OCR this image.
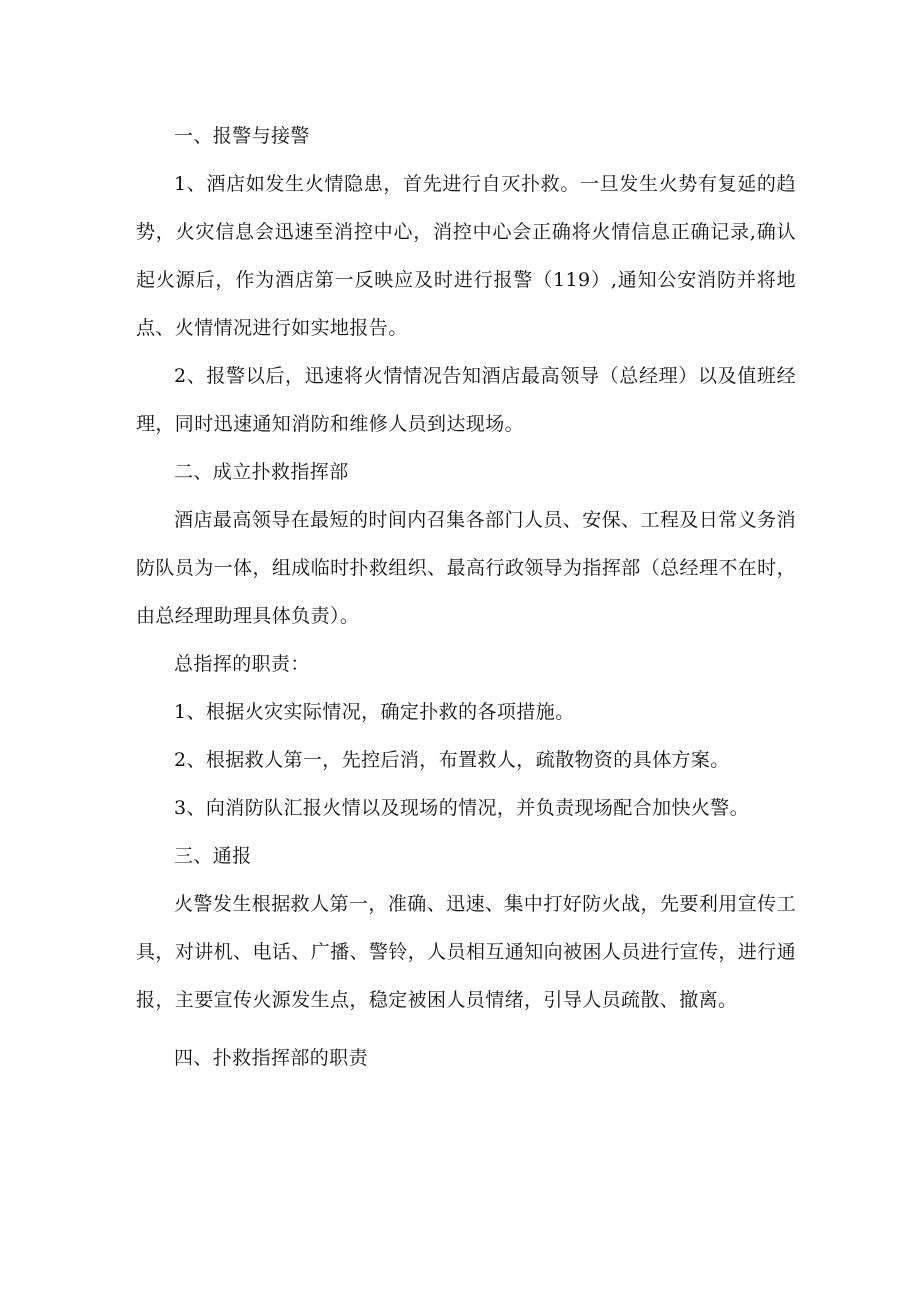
一、报警与接警

1、酒店如发生火情隐患，首先进行自灭扑救。一旦发生火势有复延的趋势，火灾信息会迅速至消控中心，消控中心会正确将火情信息正确记录,确认起火源后，作为酒店第一反映应及时进行报警（119）,通知公安消防并将地点、火情情况进行如实地报告。

2、报警以后，迅速将火情情况告知酒店最高领导（总经理）以及值班经理，同时迅速通知消防和维修人员到达现场。

二、成立扑救指挥部

酒店最高领导在最短的时间内召集各部门人员、安保、工程及日常义务消防队员为一体，组成临时扑救组织、最高行政领导为指挥部（总经理不在时，由总经理助理具体负责）。

总指挥的职责：

1、根据火灾实际情况，确定扑救的各项措施。

2、根据救人第一，先控后消，布置救人，疏散物资的具体方案。

3、向消防队汇报火情以及现场的情况，并负责现场配合加快火警。

三、通报

火警发生根据救人第一，准确、迅速、集中打好防火战，先要利用宣传工具，对讲机、电话、广播、警铃，人员相互通知向被困人员进行宣传，进行通报，主要宣传火源发生点，稳定被困人员情绪，引导人员疏散、撤离。

四、扑救指挥部的职责
